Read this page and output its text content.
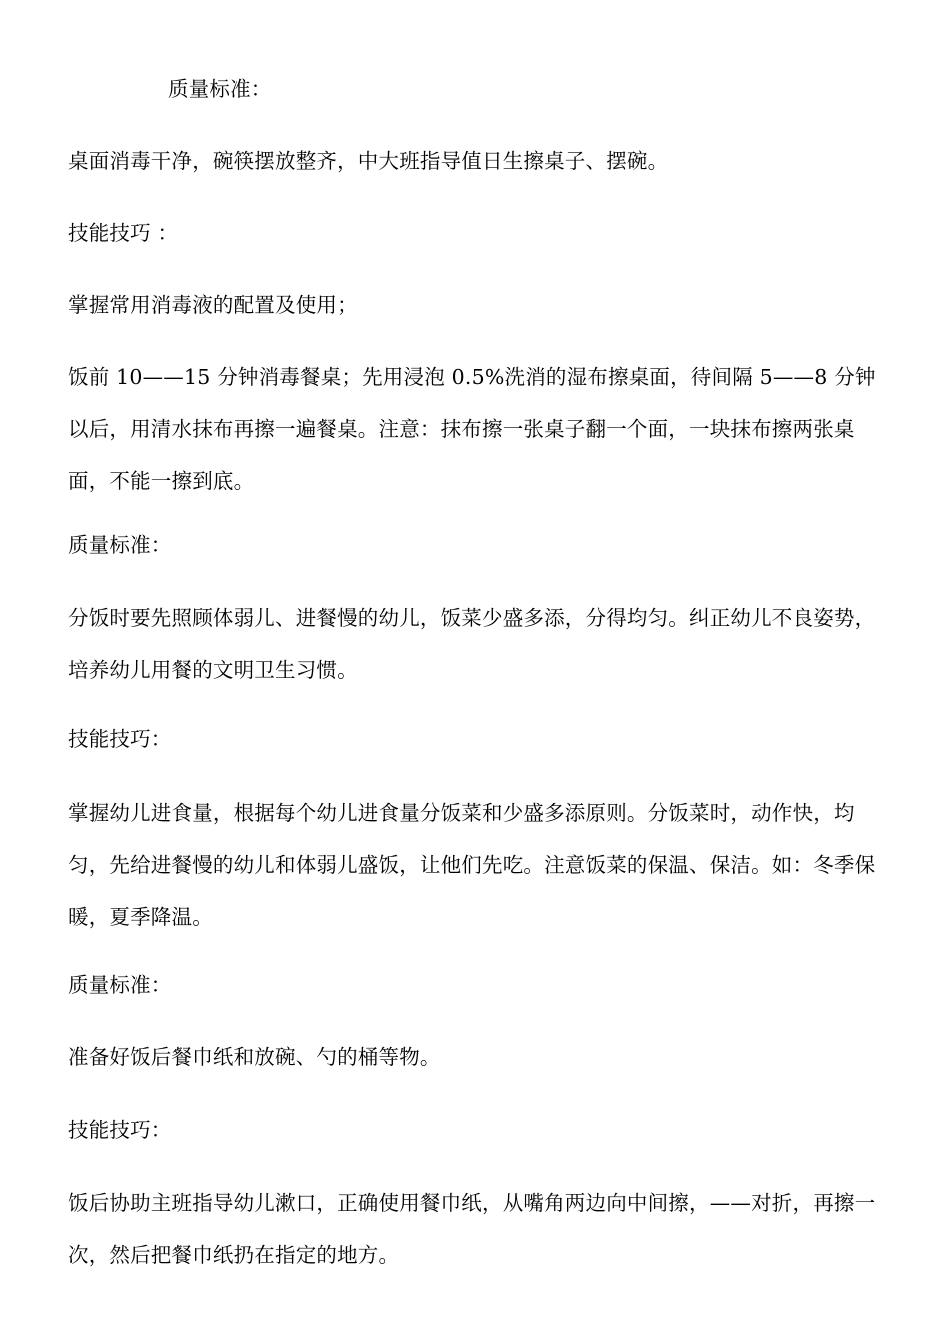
质量标准：

桌面消毒干净，碗筷摆放整齐，中大班指导值日生擦桌子、摆碗。

技能技巧 ：

掌握常用消毒液的配置及使用；

饭前 10——15 分钟消毒餐桌；先用浸泡 0.5%洗消的湿布擦桌面，待间隔 5——8 分钟以后，用清水抹布再擦一遍餐桌。注意：抹布擦一张桌子翻一个面，一块抹布擦两张桌面，不能一擦到底。

质量标准：

分饭时要先照顾体弱儿、进餐慢的幼儿，饭菜少盛多添，分得均匀。纠正幼儿不良姿势，培养幼儿用餐的文明卫生习惯。

技能技巧：

掌握幼儿进食量，根据每个幼儿进食量分饭菜和少盛多添原则。分饭菜时，动作快，均匀，先给进餐慢的幼儿和体弱儿盛饭，让他们先吃。注意饭菜的保温、保洁。如：冬季保暖，夏季降温。

质量标准：

准备好饭后餐巾纸和放碗、勺的桶等物。

技能技巧：

饭后协助主班指导幼儿漱口，正确使用餐巾纸，从嘴角两边向中间擦，——对折，再擦一次，然后把餐巾纸扔在指定的地方。
